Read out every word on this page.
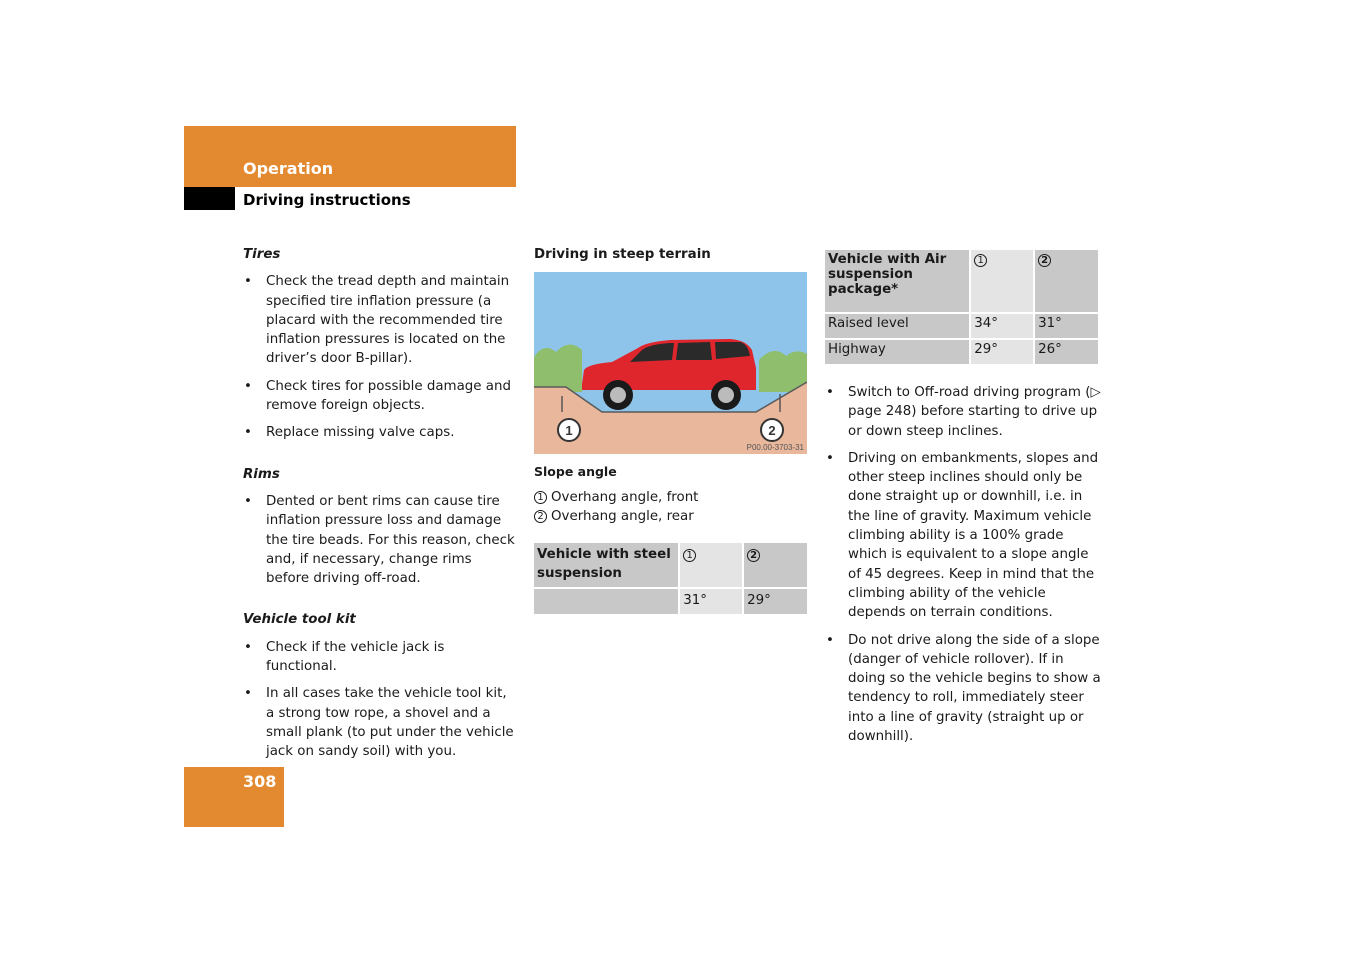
Operation
Driving instructions

Tires

• Check the tread depth and maintain specified tire inflation pressure (a placard with the recommended tire inflation pressures is located on the driver’s door B-pillar).
• Check tires for possible damage and remove foreign objects.
• Replace missing valve caps.

Rims

• Dented or bent rims can cause tire inflation pressure loss and damage the tire beads. For this reason, check and, if necessary, change rims before driving off-road.

Vehicle tool kit

• Check if the vehicle jack is functional.
• In all cases take the vehicle tool kit, a strong tow rope, a shovel and a small plank (to put under the vehicle jack on sandy soil) with you.

Driving in steep terrain

1	2
P00.00-3703-31
Slope angle
1 Overhang angle, front
2 Overhang angle, rear
Vehicle with steel suspension	1	2
	31°	29°
Vehicle with Air suspension package*	1	2
Raised level	34°	31°
Highway	29°	26°
• Switch to Off-road driving program (▷ page 248) before starting to drive up or down steep inclines.
• Driving on embankments, slopes and other steep inclines should only be done straight up or downhill, i.e. in the line of gravity. Maximum vehicle climbing ability is a 100% grade which is equivalent to a slope angle of 45 degrees. Keep in mind that the climbing ability of the vehicle depends on terrain conditions.
• Do not drive along the side of a slope (danger of vehicle rollover). If in doing so the vehicle begins to show a tendency to roll, immediately steer into a line of gravity (straight up or downhill).
308
